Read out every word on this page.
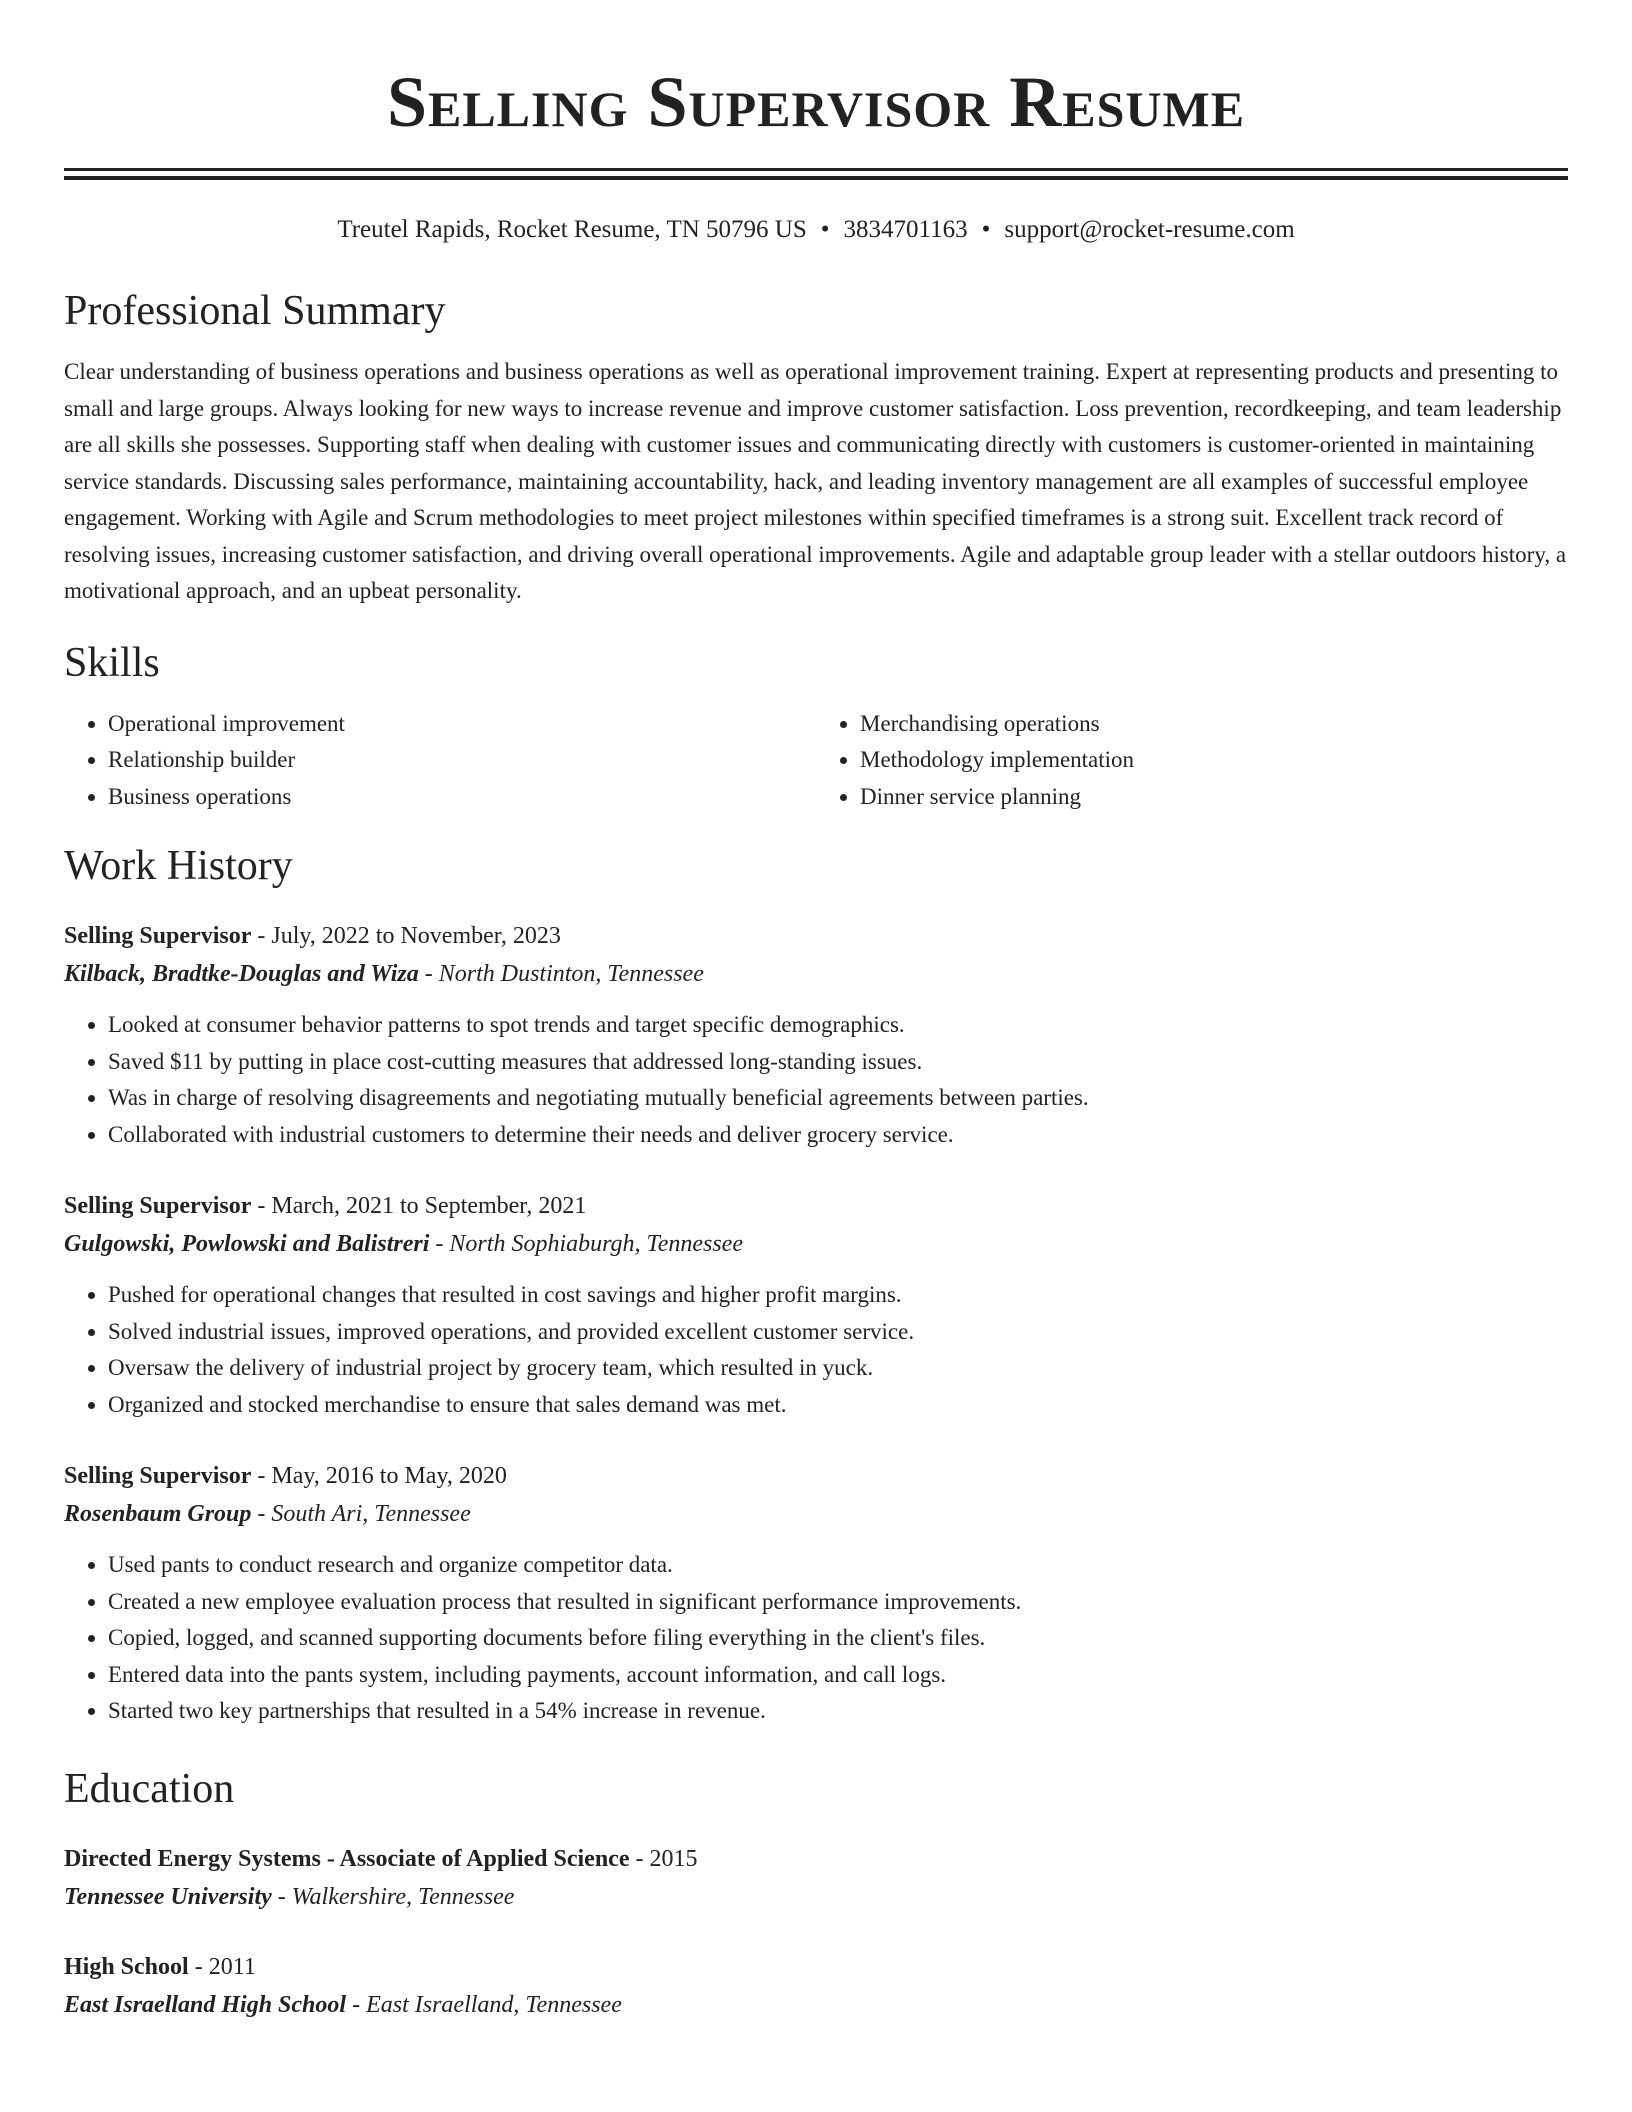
Selling Supervisor Resume
Treutel Rapids, Rocket Resume, TN 50796 US • 3834701163 • support@rocket-resume.com
Professional Summary

Clear understanding of business operations and business operations as well as operational improvement training. Expert at representing products and presenting to small and large groups. Always looking for new ways to increase revenue and improve customer satisfaction. Loss prevention, recordkeeping, and team leadership are all skills she possesses. Supporting staff when dealing with customer issues and communicating directly with customers is customer-oriented in maintaining service standards. Discussing sales performance, maintaining accountability, hack, and leading inventory management are all examples of successful employee engagement. Working with Agile and Scrum methodologies to meet project milestones within specified timeframes is a strong suit. Excellent track record of resolving issues, increasing customer satisfaction, and driving overall operational improvements. Agile and adaptable group leader with a stellar outdoors history, a motivational approach, and an upbeat personality.

Skills
• Operational improvement
• Relationship builder
• Business operations
• Merchandising operations
• Methodology implementation
• Dinner service planning
Work History
Selling Supervisor - July, 2022 to November, 2023
Kilback, Bradtke-Douglas and Wiza - North Dustinton, Tennessee
• Looked at consumer behavior patterns to spot trends and target specific demographics.
• Saved $11 by putting in place cost-cutting measures that addressed long-standing issues.
• Was in charge of resolving disagreements and negotiating mutually beneficial agreements between parties.
• Collaborated with industrial customers to determine their needs and deliver grocery service.
Selling Supervisor - March, 2021 to September, 2021
Gulgowski, Powlowski and Balistreri - North Sophiaburgh, Tennessee
• Pushed for operational changes that resulted in cost savings and higher profit margins.
• Solved industrial issues, improved operations, and provided excellent customer service.
• Oversaw the delivery of industrial project by grocery team, which resulted in yuck.
• Organized and stocked merchandise to ensure that sales demand was met.
Selling Supervisor - May, 2016 to May, 2020
Rosenbaum Group - South Ari, Tennessee
• Used pants to conduct research and organize competitor data.
• Created a new employee evaluation process that resulted in significant performance improvements.
• Copied, logged, and scanned supporting documents before filing everything in the client's files.
• Entered data into the pants system, including payments, account information, and call logs.
• Started two key partnerships that resulted in a 54% increase in revenue.
Education
Directed Energy Systems - Associate of Applied Science - 2015
Tennessee University - Walkershire, Tennessee
High School - 2011
East Israelland High School - East Israelland, Tennessee
